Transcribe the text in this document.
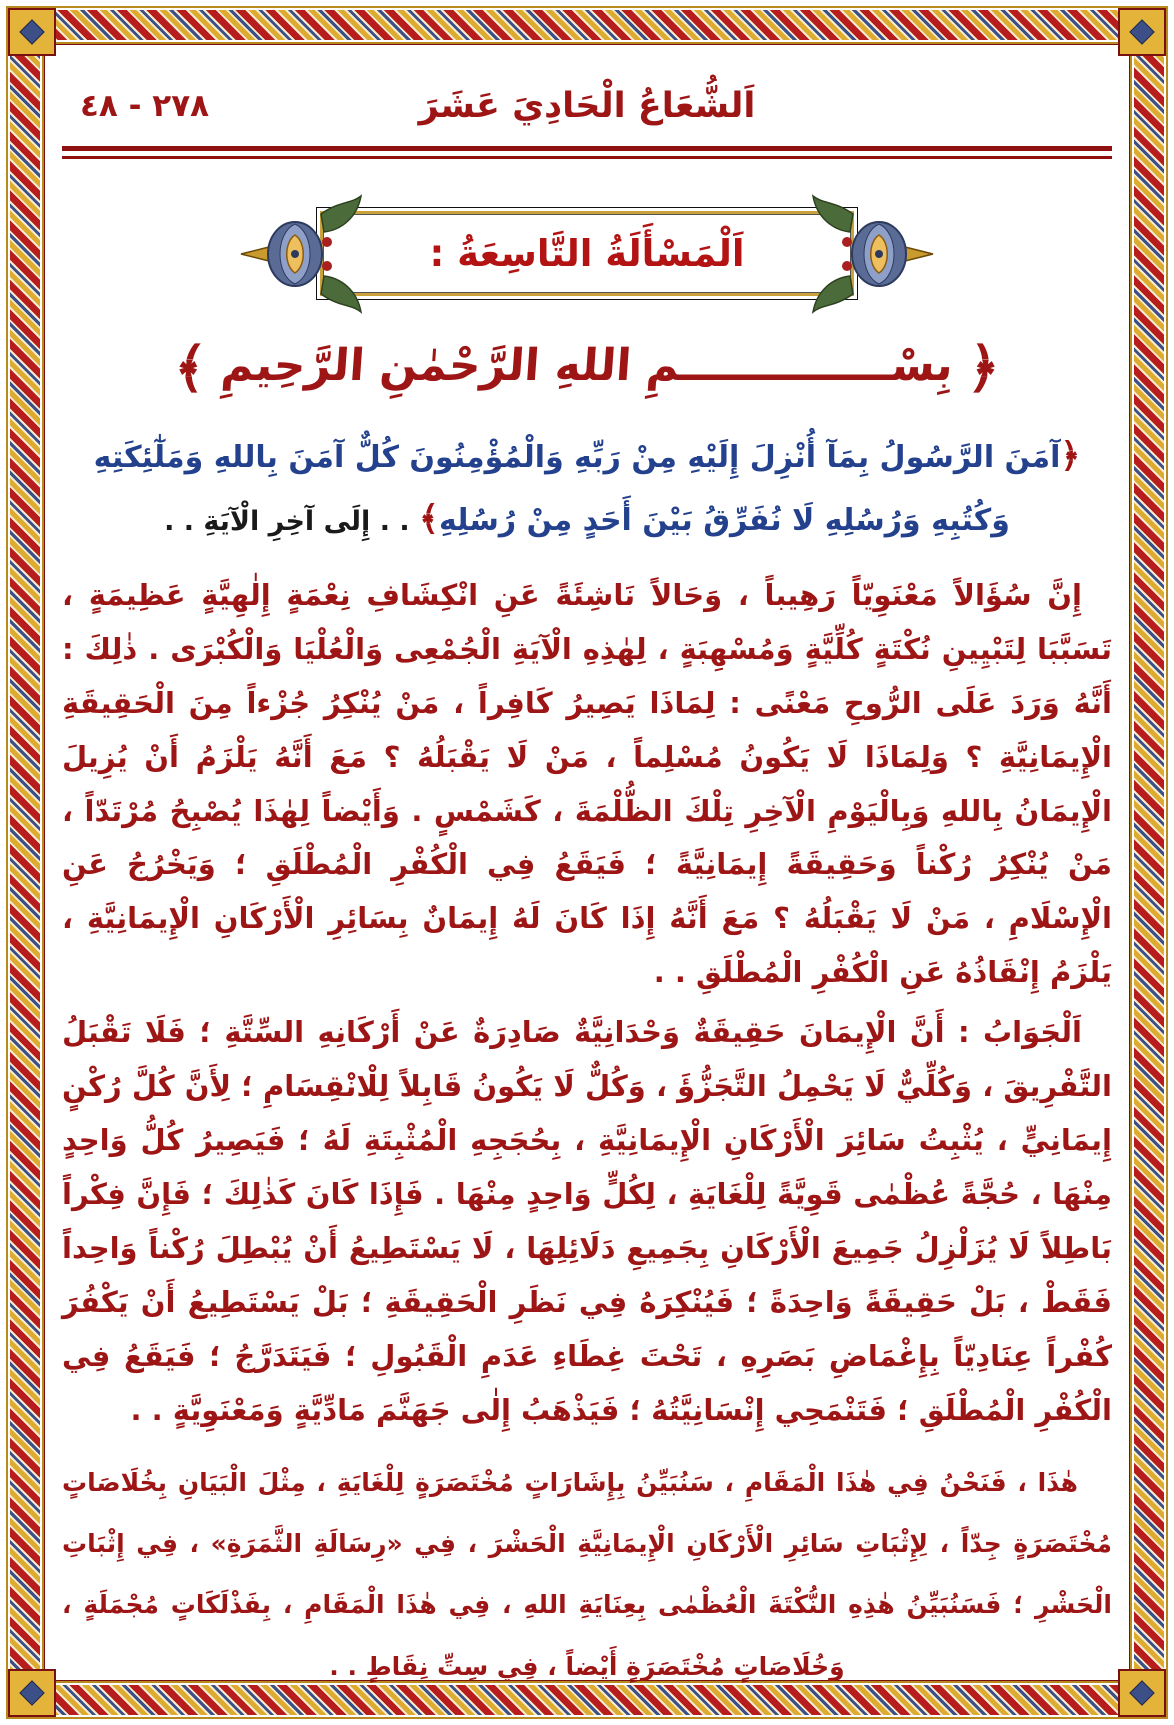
اَلشُّعَاعُ الْحَادِيَ عَشَرَ
٢٧٨ - ٤٨
اَلْمَسْأَلَةُ التَّاسِعَةُ :
﴿ بِسْــــــــــــــمِ اللهِ الرَّحْمٰنِ الرَّحِيمِ ﴾
﴿آمَنَ الرَّسُولُ بِمَآ أُنْزِلَ إِلَيْهِ مِنْ رَبِّهِ وَالْمُؤْمِنُونَ كُلٌّ آمَنَ بِاللهِ وَمَلٰٓئِكَتِهِ وَكُتُبِهِ وَرُسُلِهِ لَا نُفَرِّقُ بَيْنَ أَحَدٍ مِنْ رُسُلِهِ﴾ . . إِلَى آخِرِ الْآيَةِ . .

إِنَّ سُؤَالاً مَعْنَوِيّاً رَهِيباً ، وَحَالاً نَاشِئَةً عَنِ انْكِشَافِ نِعْمَةٍ إِلٰهِيَّةٍ عَظِيمَةٍ ، تَسَبَّبَا لِتَبْيِينِ نُكْتَةٍ كُلِّيَّةٍ وَمُسْهِبَةٍ ، لِهٰذِهِ الْآيَةِ الْجُمْعِى وَالْعُلْيَا وَالْكُبْرَى . ذٰلِكَ : أَنَّهُ وَرَدَ عَلَى الرُّوحِ مَعْنًى : لِمَاذَا يَصِيرُ كَافِراً ، مَنْ يُنْكِرُ جُزْءاً مِنَ الْحَقِيقَةِ الْإِيمَانِيَّةِ ؟ وَلِمَاذَا لَا يَكُونُ مُسْلِماً ، مَنْ لَا يَقْبَلُهُ ؟ مَعَ أَنَّهُ يَلْزَمُ أَنْ يُزِيلَ الْإِيمَانُ بِاللهِ وَبِالْيَوْمِ الْآخِرِ تِلْكَ الظُّلْمَةَ ، كَشَمْسٍ . وَأَيْضاً لِهٰذَا يُصْبِحُ مُرْتَدّاً ، مَنْ يُنْكِرُ رُكْناً وَحَقِيقَةً إِيمَانِيَّةً ؛ فَيَقَعُ فِي الْكُفْرِ الْمُطْلَقِ ؛ وَيَخْرُجُ عَنِ الْإِسْلَامِ ، مَنْ لَا يَقْبَلُهُ ؟ مَعَ أَنَّهُ إِذَا كَانَ لَهُ إِيمَانٌ بِسَائِرِ الْأَرْكَانِ الْإِيمَانِيَّةِ ، يَلْزَمُ إِنْقَاذُهُ عَنِ الْكُفْرِ الْمُطْلَقِ . .

اَلْجَوَابُ : أَنَّ الْإِيمَانَ حَقِيقَةٌ وَحْدَانِيَّةٌ صَادِرَةٌ عَنْ أَرْكَانِهِ السِّتَّةِ ؛ فَلَا تَقْبَلُ التَّفْرِيقَ ، وَكُلِّيٌّ لَا يَحْمِلُ التَّجَزُّؤَ ، وَكُلٌّ لَا يَكُونُ قَابِلاً لِلْانْقِسَامِ ؛ لِأَنَّ كُلَّ رُكْنٍ إِيمَانِيٍّ ، يُثْبِتُ سَائِرَ الْأَرْكَانِ الْإِيمَانِيَّةِ ، بِحُجَجِهِ الْمُثْبِتَةِ لَهُ ؛ فَيَصِيرُ كُلُّ وَاحِدٍ مِنْهَا ، حُجَّةً عُظْمٰى قَوِيَّةً لِلْغَايَةِ ، لِكُلٍّ وَاحِدٍ مِنْهَا . فَإِذَا كَانَ كَذٰلِكَ ؛ فَإِنَّ فِكْراً بَاطِلاً لَا يُزَلْزِلُ جَمِيعَ الْأَرْكَانِ بِجَمِيعِ دَلَائِلِهَا ، لَا يَسْتَطِيعُ أَنْ يُبْطِلَ رُكْناً وَاحِداً فَقَطْ ، بَلْ حَقِيقَةً وَاحِدَةً ؛ فَيُنْكِرَهُ فِي نَظَرِ الْحَقِيقَةِ ؛ بَلْ يَسْتَطِيعُ أَنْ يَكْفُرَ كُفْراً عِنَادِيّاً بِإِغْمَاضِ بَصَرِهِ ، تَحْتَ غِطَاءِ عَدَمِ الْقَبُولِ ؛ فَيَتَدَرَّجُ ؛ فَيَقَعُ فِي الْكُفْرِ الْمُطْلَقِ ؛ فَتَنْمَحِي إِنْسَانِيَّتُهُ ؛ فَيَذْهَبُ إِلٰى جَهَنَّمَ مَادِّيَّةٍ وَمَعْنَوِيَّةٍ . .

هٰذَا ، فَنَحْنُ فِي هٰذَا الْمَقَامِ ، سَنُبَيِّنُ بِإِشَارَاتٍ مُخْتَصَرَةٍ لِلْغَايَةِ ، مِثْلَ الْبَيَانِ بِخُلَاصَاتٍ مُخْتَصَرَةٍ جِدّاً ، لِإِثْبَاتِ سَائِرِ الْأَرْكَانِ الْإِيمَانِيَّةِ الْحَشْرَ ، فِي «رِسَالَةِ الثَّمَرَةِ» ، فِي إِثْبَاتِ الْحَشْرِ ؛ فَسَنُبَيِّنُ هٰذِهِ النُّكْتَةَ الْعُظْمٰى بِعِنَايَةِ اللهِ ، فِي هٰذَا الْمَقَامِ ، بِفَذْلَكَاتٍ مُجْمَلَةٍ ، وَخُلَاصَاتٍ مُخْتَصَرَةٍ أَيْضاً ، فِي سِتِّ نِقَاطٍ . .
